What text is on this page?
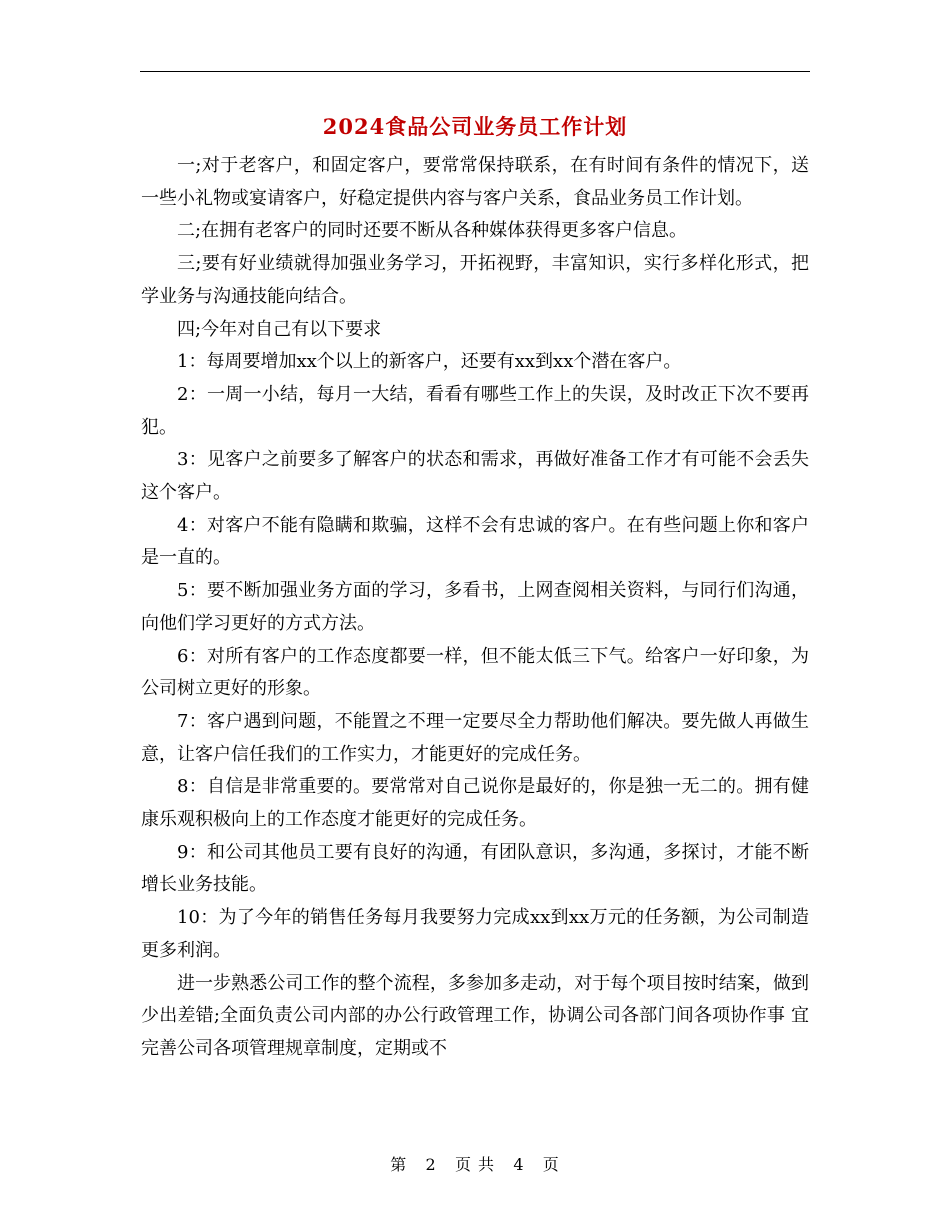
2024食品公司业务员工作计划

一;对于老客户，和固定客户，要常常保持联系，在有时间有条件的情况下，送一些小礼物或宴请客户，好稳定提供内容与客户关系，食品业务员工作计划。

二;在拥有老客户的同时还要不断从各种媒体获得更多客户信息。

三;要有好业绩就得加强业务学习，开拓视野，丰富知识，实行多样化形式，把学业务与沟通技能向结合。

四;今年对自己有以下要求

1：每周要增加xx个以上的新客户，还要有xx到xx个潜在客户。

2：一周一小结，每月一大结，看看有哪些工作上的失误，及时改正下次不要再犯。

3：见客户之前要多了解客户的状态和需求，再做好准备工作才有可能不会丢失这个客户。

4：对客户不能有隐瞒和欺骗，这样不会有忠诚的客户。在有些问题上你和客户是一直的。

5：要不断加强业务方面的学习，多看书，上网查阅相关资料，与同行们沟通，向他们学习更好的方式方法。

6：对所有客户的工作态度都要一样，但不能太低三下气。给客户一好印象，为公司树立更好的形象。

7：客户遇到问题，不能置之不理一定要尽全力帮助他们解决。要先做人再做生意，让客户信任我们的工作实力，才能更好的完成任务。

8：自信是非常重要的。要常常对自己说你是最好的，你是独一无二的。拥有健康乐观积极向上的工作态度才能更好的完成任务。

9：和公司其他员工要有良好的沟通，有团队意识，多沟通，多探讨，才能不断增长业务技能。

10：为了今年的销售任务每月我要努力完成xx到xx万元的任务额，为公司制造更多利润。

进一步熟悉公司工作的整个流程，多参加多走动，对于每个项目按时结案，做到少出差错;全面负责公司内部的办公行政管理工作，协调公司各部门间各项协作事 宜完善公司各项管理规章制度，定期或不

第 2 页 共 4 页
